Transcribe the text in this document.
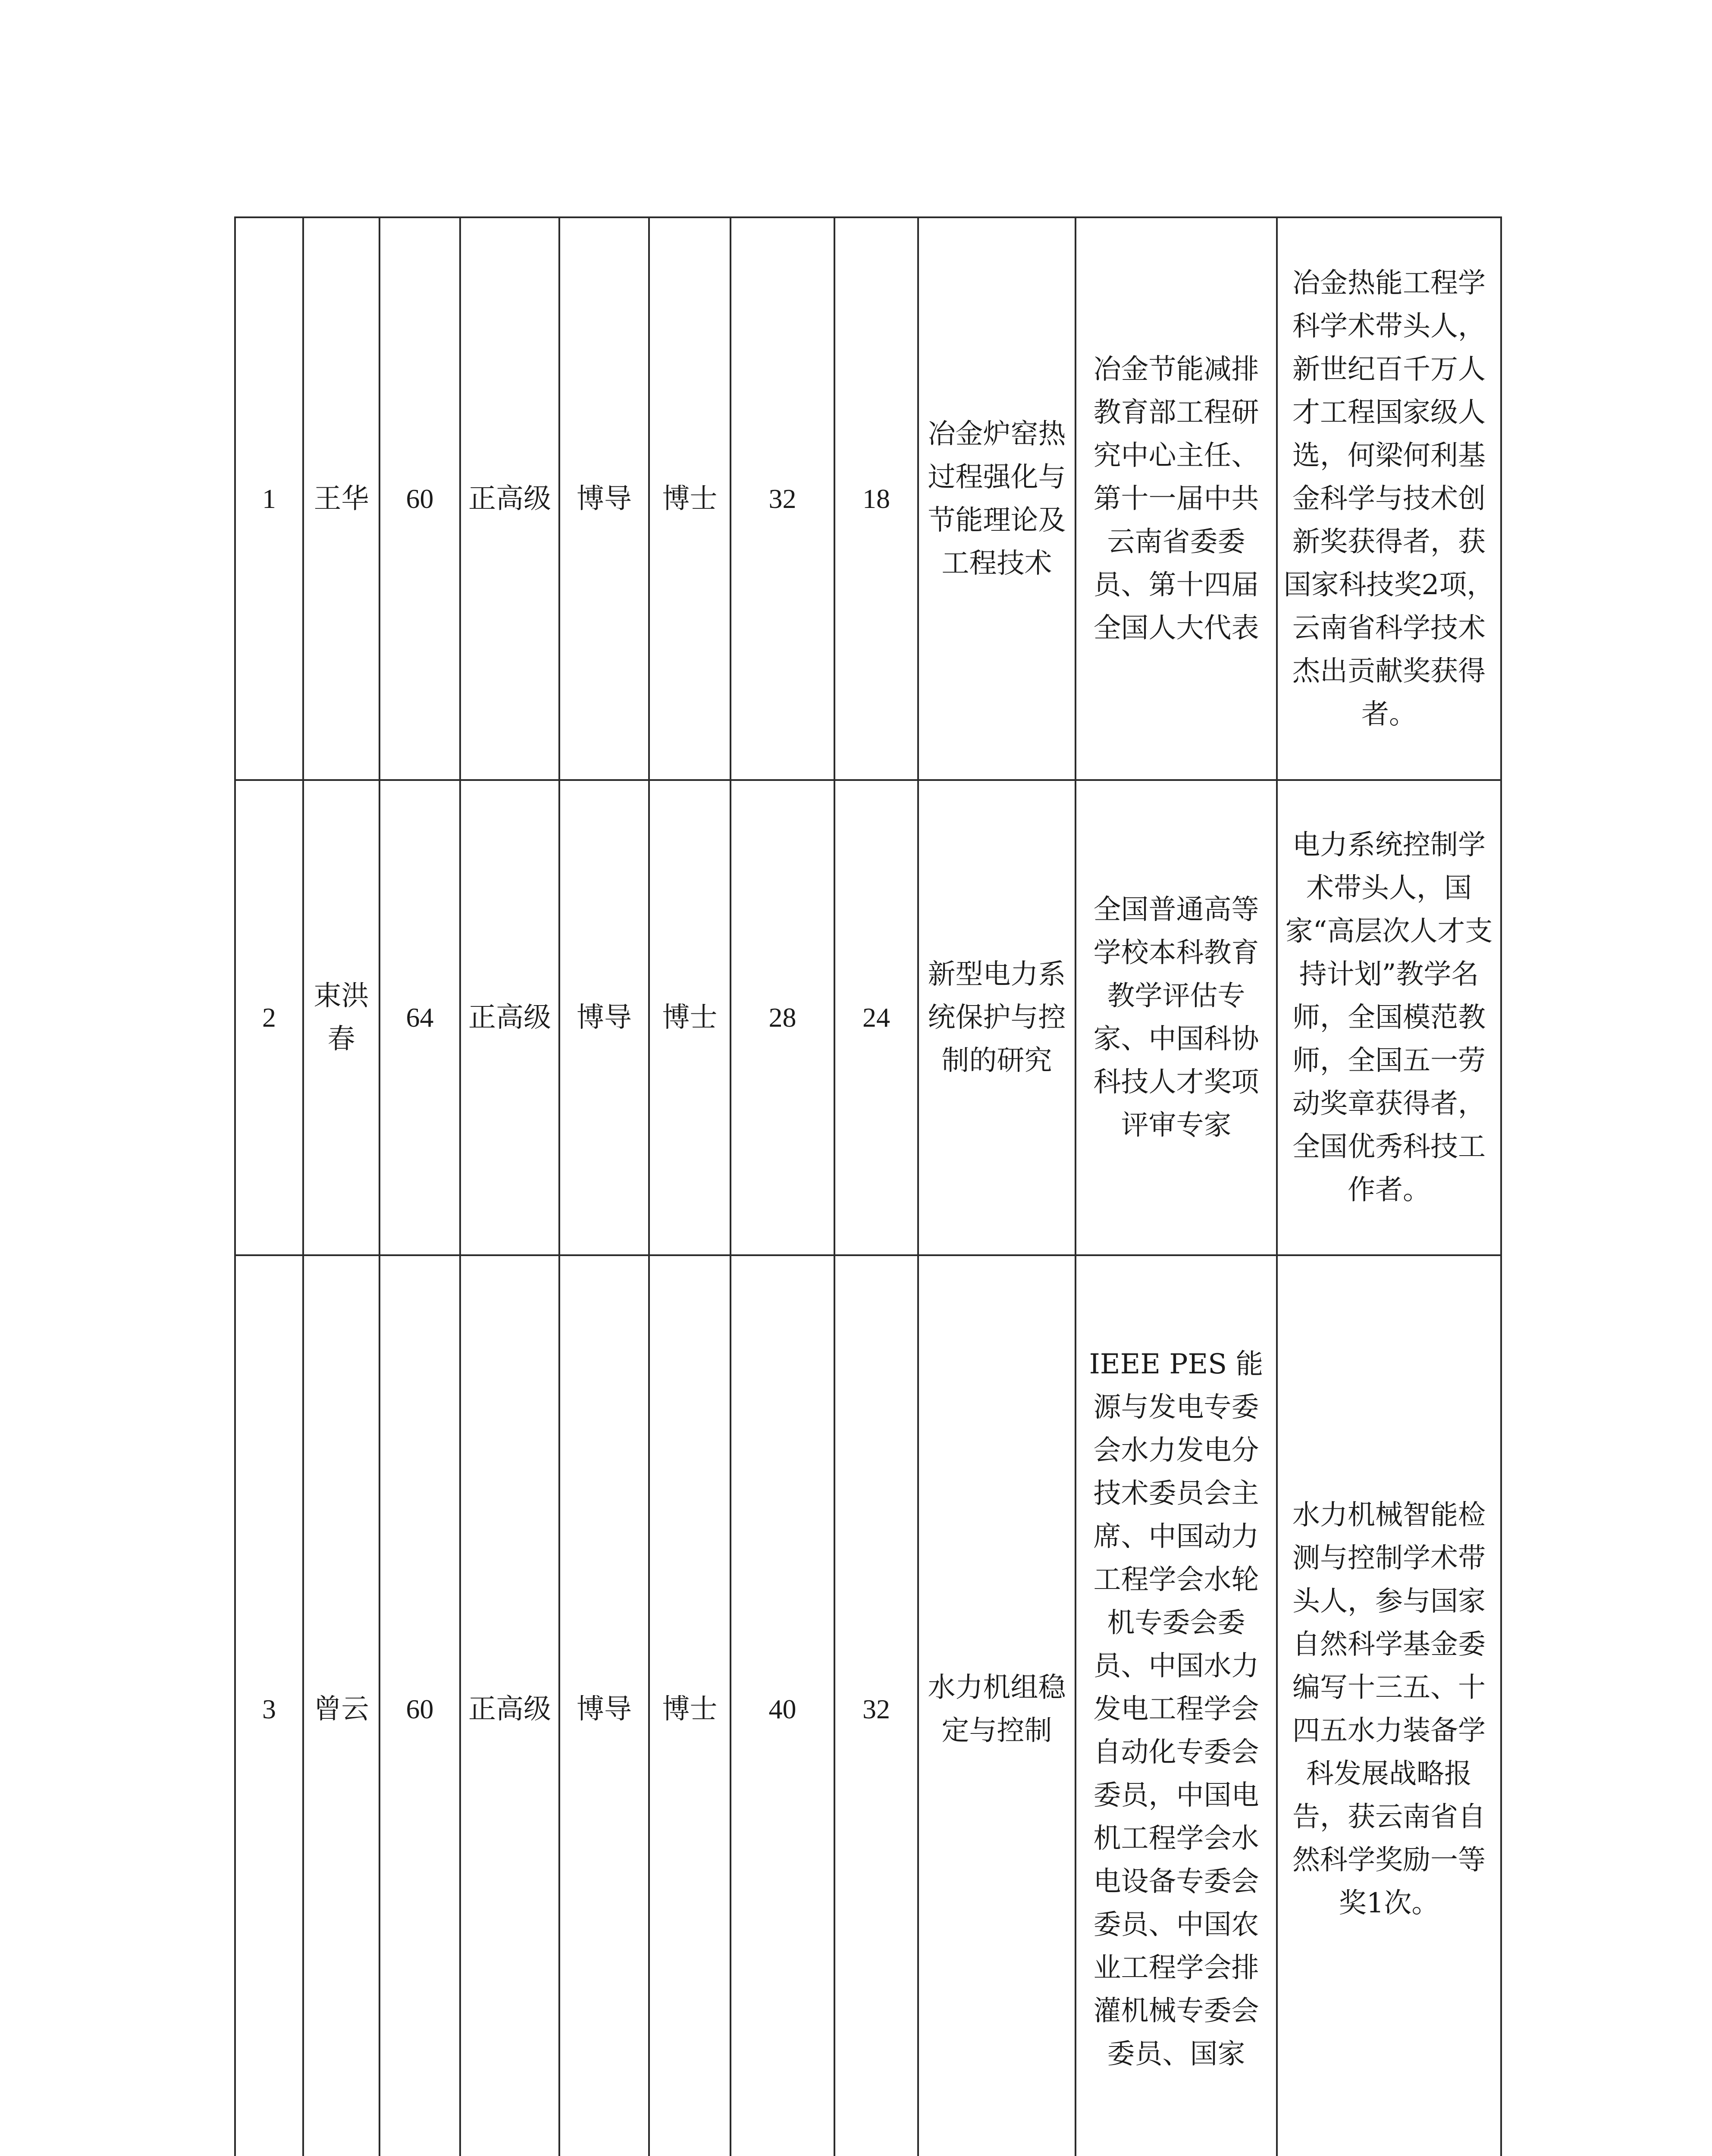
1	王华	60	正高级	博导	博士	32	18	冶金炉窑热过程强化与节能理论及工程技术	冶金节能减排教育部工程研究中心主任、第十一届中共云南省委委员、第十四届全国人大代表	冶金热能工程学科学术带头人，新世纪百千万人才工程国家级人选，何梁何利基金科学与技术创新奖获得者，获国家科技奖2项，云南省科学技术杰出贡献奖获得者。
2	束洪春	64	正高级	博导	博士	28	24	新型电力系统保护与控制的研究	全国普通高等学校本科教育教学评估专家、中国科协科技人才奖项评审专家	电力系统控制学术带头人，国家“高层次人才支持计划”教学名师，全国模范教师，全国五一劳动奖章获得者，全国优秀科技工作者。
3	曾云	60	正高级	博导	博士	40	32	水力机组稳定与控制	IEEE PES 能源与发电专委会水力发电分技术委员会主席、中国动力工程学会水轮机专委会委员、中国水力发电工程学会自动化专委会委员，中国电机工程学会水电设备专委会委员、中国农业工程学会排灌机械专委会委员、国家	水力机械智能检测与控制学术带头人，参与国家自然科学基金委编写十三五、十四五水力装备学科发展战略报告，获云南省自然科学奖励一等奖1次。
